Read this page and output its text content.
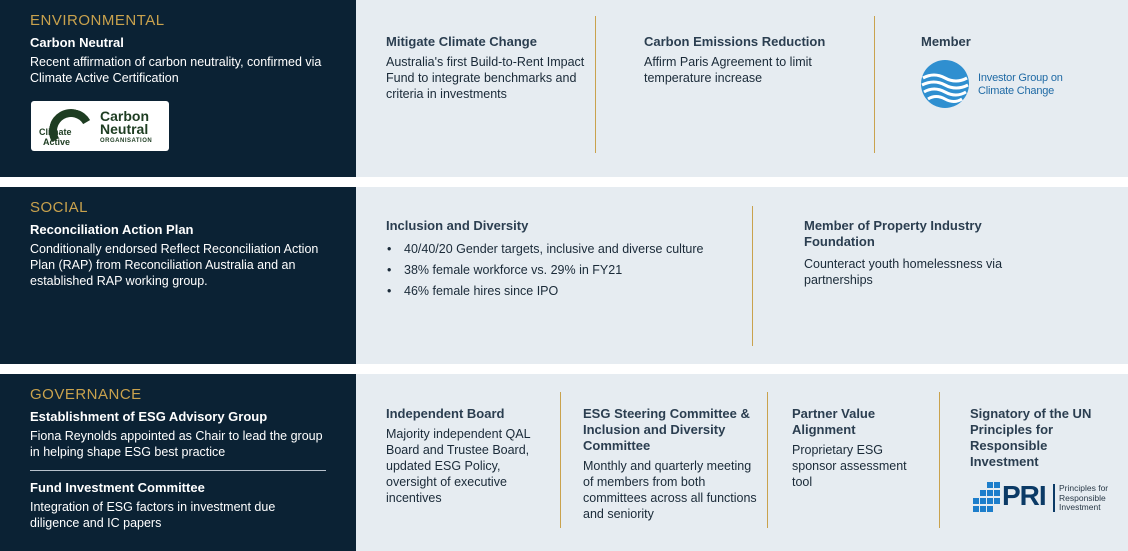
ENVIRONMENTAL
Carbon Neutral
Recent affirmation of carbon neutrality, confirmed via Climate Active Certification
Mitigate Climate Change
Australia's first Build-to-Rent Impact Fund to integrate benchmarks and criteria in investments
Carbon Emissions Reduction
Affirm Paris Agreement to limit temperature increase
Member
Climate
Active
Carbon
Neutral
ORGANISATION
Investor Group on
Climate Change
SOCIAL
Reconciliation Action Plan
Conditionally endorsed Reflect Reconciliation Action Plan (RAP) from Reconciliation Australia and an established RAP working group.
Inclusion and Diversity
• 40/40/20 Gender targets, inclusive and diverse culture
• 38% female workforce vs. 29% in FY21
• 46% female hires since IPO
Member of Property Industry Foundation
Counteract youth homelessness via partnerships
GOVERNANCE
Establishment of ESG Advisory Group
Fiona Reynolds appointed as Chair to lead the group in helping shape ESG best practice
Fund Investment Committee
Integration of ESG factors in investment due diligence and IC papers
Independent Board
Majority independent QAL Board and Trustee Board, updated ESG Policy, oversight of executive incentives
ESG Steering Committee & Inclusion and Diversity Committee
Monthly and quarterly meeting of members from both committees across all functions and seniority
Partner Value Alignment
Proprietary ESG sponsor assessment tool
Signatory of the UN Principles for Responsible Investment
PRI Principles for
Responsible
Investment
